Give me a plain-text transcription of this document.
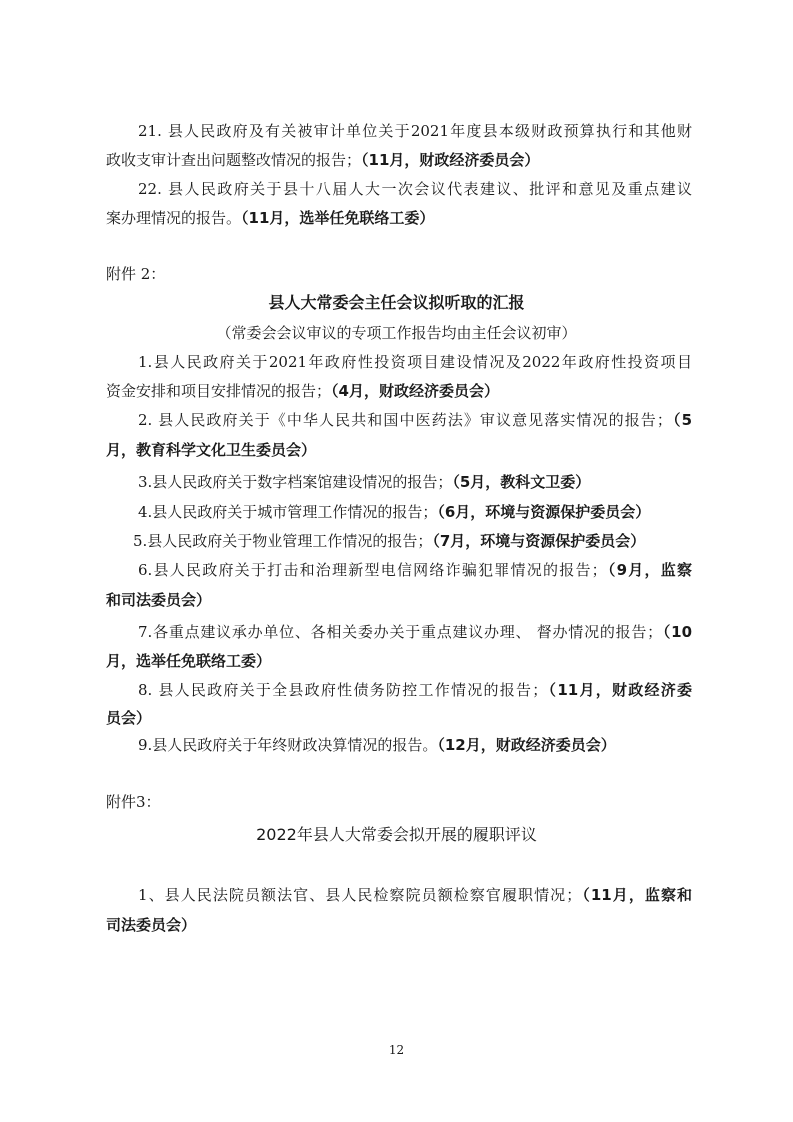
21. 县人民政府及有关被审计单位关于2021年度县本级财政预算执行和其他财
政收支审计查出问题整改情况的报告；（11月，财政经济委员会）
22. 县人民政府关于县十八届人大一次会议代表建议、批评和意见及重点建议
案办理情况的报告。（11月，选举任免联络工委）
附件 2：
县人大常委会主任会议拟听取的汇报
（常委会会议审议的专项工作报告均由主任会议初审）
1.县人民政府关于2021年政府性投资项目建设情况及2022年政府性投资项目
资金安排和项目安排情况的报告；（4月，财政经济委员会）
2. 县人民政府关于《中华人民共和国中医药法》审议意见落实情况的报告；（5
月，教育科学文化卫生委员会）
3.县人民政府关于数字档案馆建设情况的报告；（5月，教科文卫委）
4.县人民政府关于城市管理工作情况的报告；（6月，环境与资源保护委员会）
5.县人民政府关于物业管理工作情况的报告；（7月，环境与资源保护委员会）
6.县人民政府关于打击和治理新型电信网络诈骗犯罪情况的报告；（9月，监察
和司法委员会）
7.各重点建议承办单位、各相关委办关于重点建议办理、 督办情况的报告；（10
月，选举任免联络工委）
8. 县人民政府关于全县政府性债务防控工作情况的报告；（11月，财政经济委
员会）
9.县人民政府关于年终财政决算情况的报告。（12月，财政经济委员会）
附件3：
2022年县人大常委会拟开展的履职评议
1、县人民法院员额法官、县人民检察院员额检察官履职情况；（11月，监察和
司法委员会）
12
